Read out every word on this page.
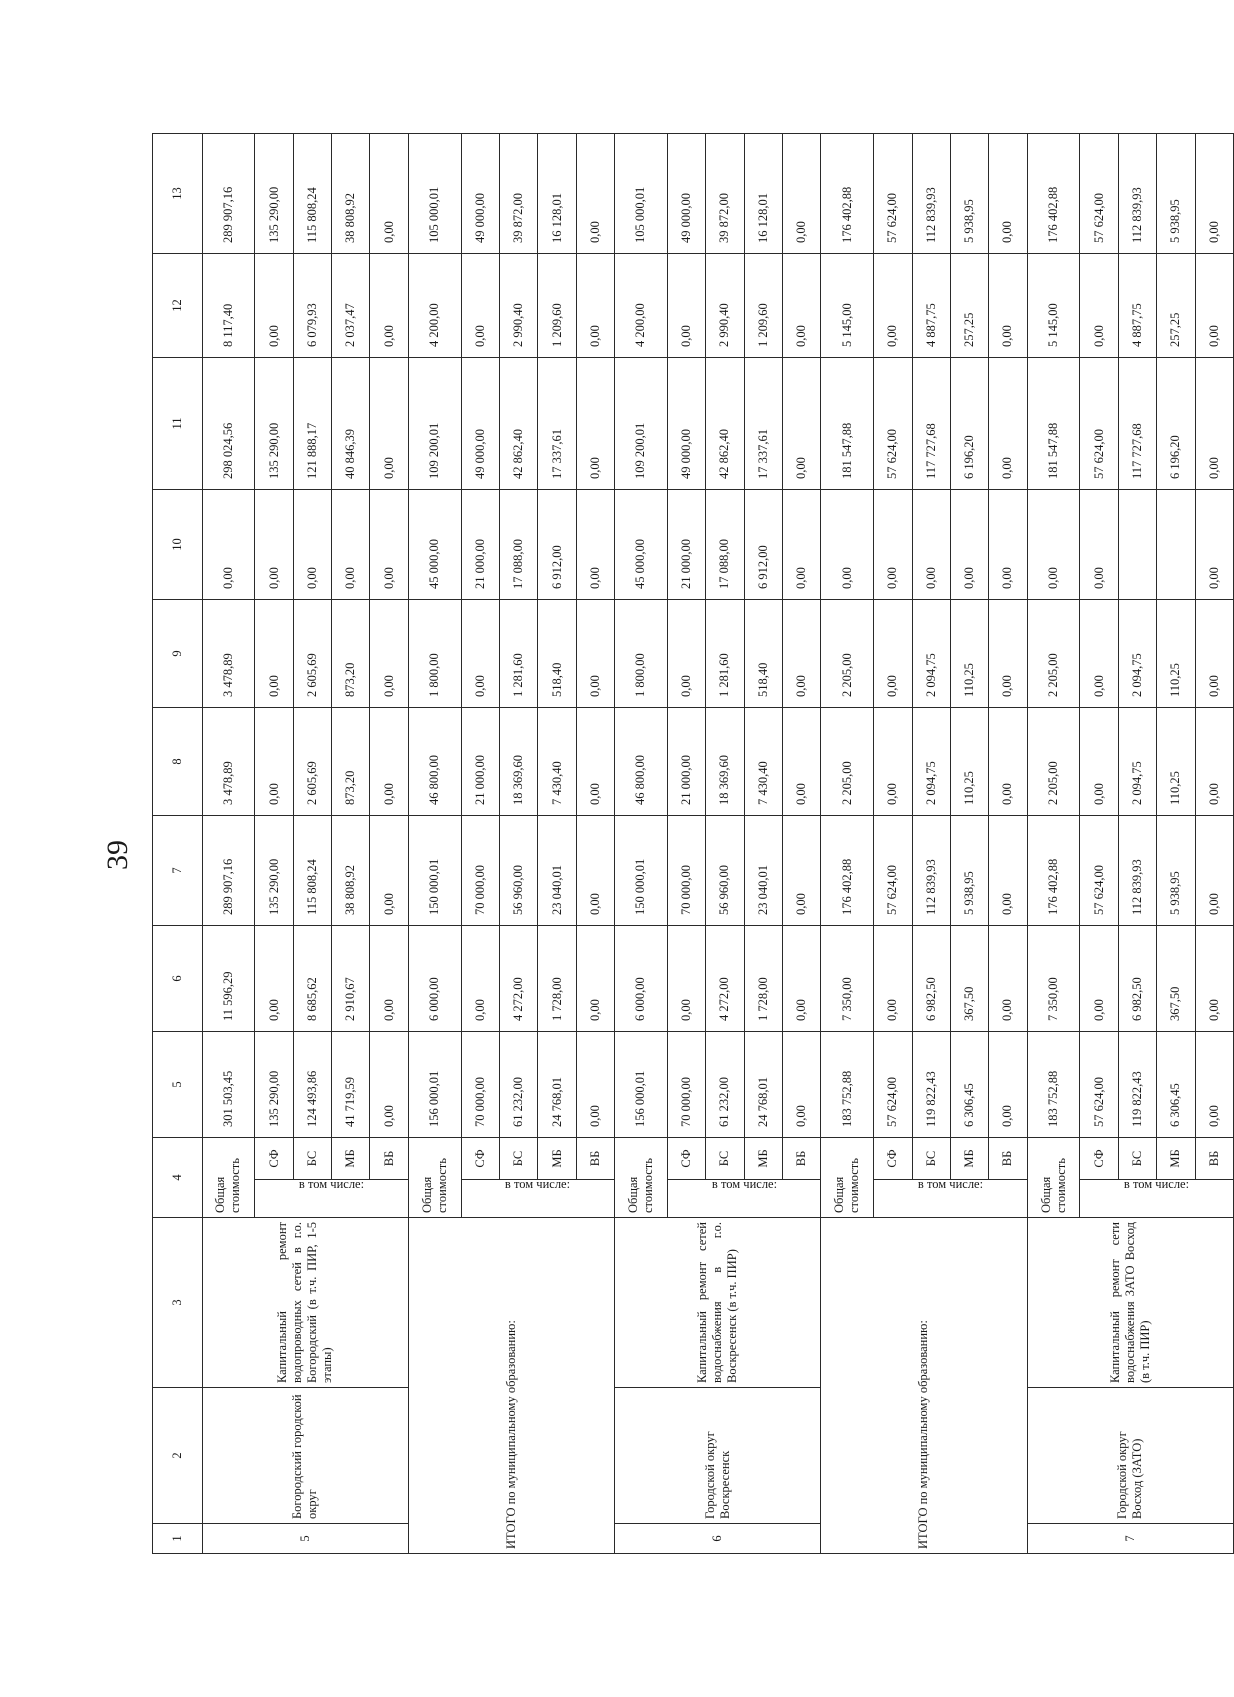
39
1	2	3	4		5	6	7	8	9	10	11	12	13
5	Богородский городской округ	Капитальный ремонт водопроводных сетей в г.о. Богородский (в т.ч. ПИР, 1-5 этапы)	Общая стоимость		301 503,45	11 596,29	289 907,16	3 478,89	3 478,89	0,00	298 024,56	8 117,40	289 907,16
			в том числе:	СФ	135 290,00	0,00	135 290,00	0,00	0,00	0,00	135 290,00	0,00	135 290,00
				БС	124 493,86	8 685,62	115 808,24	2 605,69	2 605,69	0,00	121 888,17	6 079,93	115 808,24
				МБ	41 719,59	2 910,67	38 808,92	873,20	873,20	0,00	40 846,39	2 037,47	38 808,92
				ВБ	0,00	0,00	0,00	0,00	0,00	0,00	0,00	0,00	0,00
ИТОГО по муниципальному образованию:			Общая стоимость		156 000,01	6 000,00	150 000,01	46 800,00	1 800,00	45 000,00	109 200,01	4 200,00	105 000,01
			в том числе:	СФ	70 000,00	0,00	70 000,00	21 000,00	0,00	21 000,00	49 000,00	0,00	49 000,00
				БС	61 232,00	4 272,00	56 960,00	18 369,60	1 281,60	17 088,00	42 862,40	2 990,40	39 872,00
				МБ	24 768,01	1 728,00	23 040,01	7 430,40	518,40	6 912,00	17 337,61	1 209,60	16 128,01
				ВБ	0,00	0,00	0,00	0,00	0,00	0,00	0,00	0,00	0,00
6	Городской округ Воскресенск	Капитальный ремонт сетей водоснабжения в г.о. Воскресенск (в т.ч. ПИР)	Общая стоимость		156 000,01	6 000,00	150 000,01	46 800,00	1 800,00	45 000,00	109 200,01	4 200,00	105 000,01
			в том числе:	СФ	70 000,00	0,00	70 000,00	21 000,00	0,00	21 000,00	49 000,00	0,00	49 000,00
				БС	61 232,00	4 272,00	56 960,00	18 369,60	1 281,60	17 088,00	42 862,40	2 990,40	39 872,00
				МБ	24 768,01	1 728,00	23 040,01	7 430,40	518,40	6 912,00	17 337,61	1 209,60	16 128,01
				ВБ	0,00	0,00	0,00	0,00	0,00	0,00	0,00	0,00	0,00
ИТОГО по муниципальному образованию:			Общая стоимость		183 752,88	7 350,00	176 402,88	2 205,00	2 205,00	0,00	181 547,88	5 145,00	176 402,88
			в том числе:	СФ	57 624,00	0,00	57 624,00	0,00	0,00	0,00	57 624,00	0,00	57 624,00
				БС	119 822,43	6 982,50	112 839,93	2 094,75	2 094,75	0,00	117 727,68	4 887,75	112 839,93
				МБ	6 306,45	367,50	5 938,95	110,25	110,25	0,00	6 196,20	257,25	5 938,95
				ВБ	0,00	0,00	0,00	0,00	0,00	0,00	0,00	0,00	0,00
7	Городской округ Восход (ЗАТО)	Капитальный ремонт сети водоснабжения ЗАТО Восход (в т.ч. ПИР)	Общая стоимость		183 752,88	7 350,00	176 402,88	2 205,00	2 205,00	0,00	181 547,88	5 145,00	176 402,88
			в том числе:	СФ	57 624,00	0,00	57 624,00	0,00	0,00	0,00	57 624,00	0,00	57 624,00
				БС	119 822,43	6 982,50	112 839,93	2 094,75	2 094,75		117 727,68	4 887,75	112 839,93
				МБ	6 306,45	367,50	5 938,95	110,25	110,25		6 196,20	257,25	5 938,95
				ВБ	0,00	0,00	0,00	0,00	0,00	0,00	0,00	0,00	0,00
